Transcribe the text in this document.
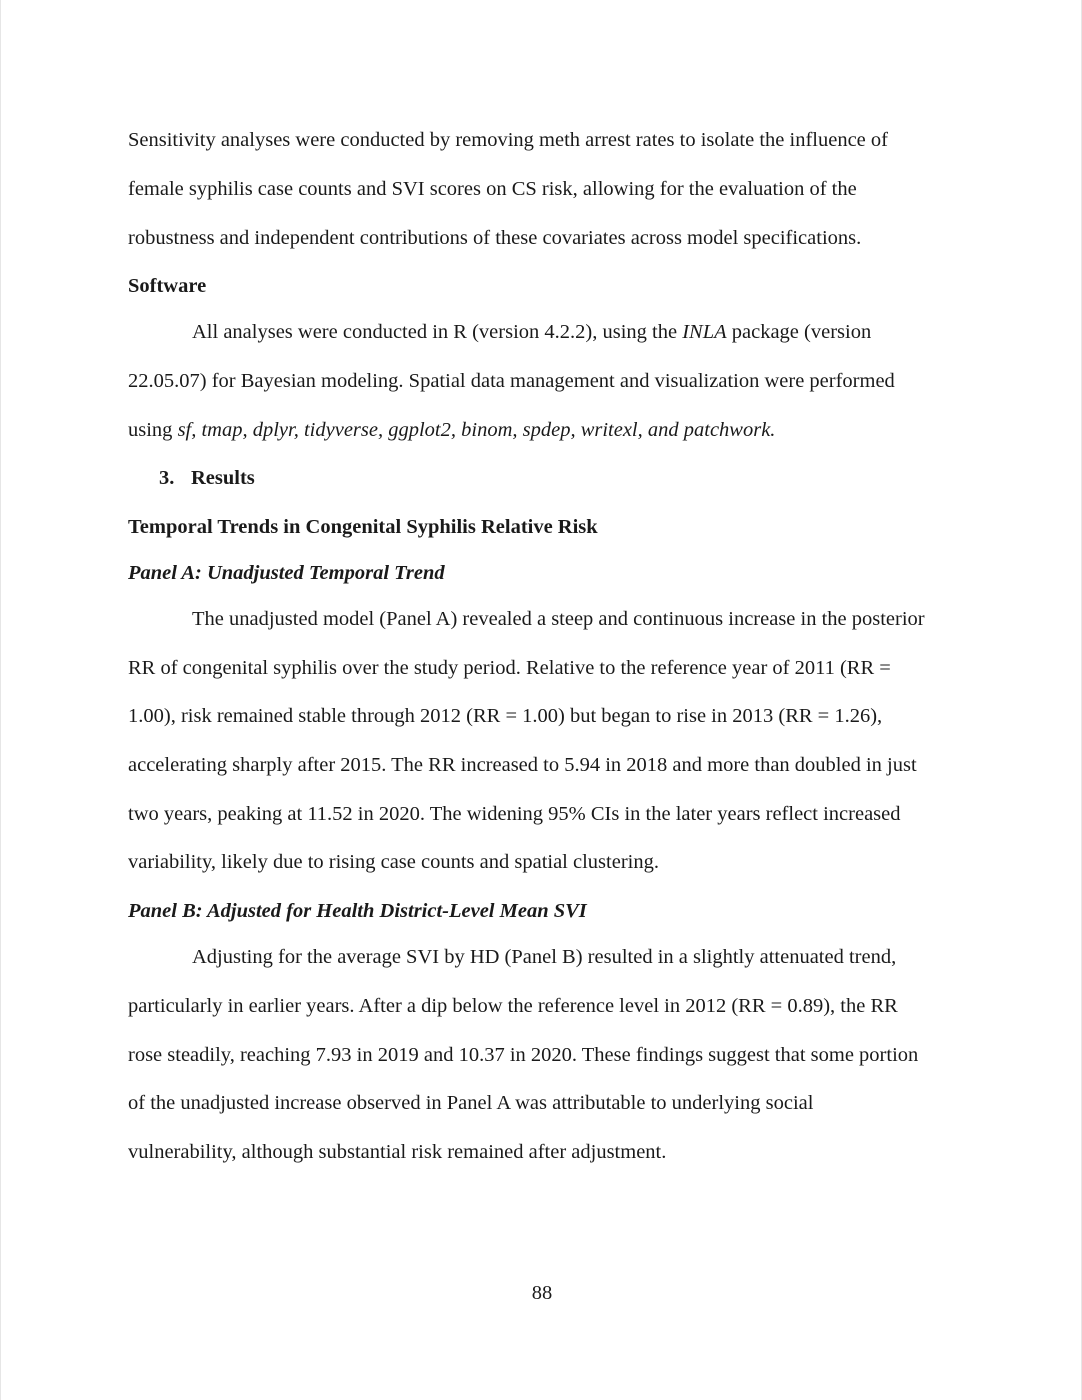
Sensitivity analyses were conducted by removing meth arrest rates to isolate the influence of

female syphilis case counts and SVI scores on CS risk, allowing for the evaluation of the

robustness and independent contributions of these covariates across model specifications.

Software

All analyses were conducted in R (version 4.2.2), using the INLA package (version

22.05.07) for Bayesian modeling. Spatial data management and visualization were performed

using sf, tmap, dplyr, tidyverse, ggplot2, binom, spdep, writexl, and patchwork.

3. Results

Temporal Trends in Congenital Syphilis Relative Risk

Panel A: Unadjusted Temporal Trend

The unadjusted model (Panel A) revealed a steep and continuous increase in the posterior

RR of congenital syphilis over the study period. Relative to the reference year of 2011 (RR =

1.00), risk remained stable through 2012 (RR = 1.00) but began to rise in 2013 (RR = 1.26),

accelerating sharply after 2015. The RR increased to 5.94 in 2018 and more than doubled in just

two years, peaking at 11.52 in 2020. The widening 95% CIs in the later years reflect increased

variability, likely due to rising case counts and spatial clustering.

Panel B: Adjusted for Health District-Level Mean SVI

Adjusting for the average SVI by HD (Panel B) resulted in a slightly attenuated trend,

particularly in earlier years. After a dip below the reference level in 2012 (RR = 0.89), the RR

rose steadily, reaching 7.93 in 2019 and 10.37 in 2020. These findings suggest that some portion

of the unadjusted increase observed in Panel A was attributable to underlying social

vulnerability, although substantial risk remained after adjustment.

88
